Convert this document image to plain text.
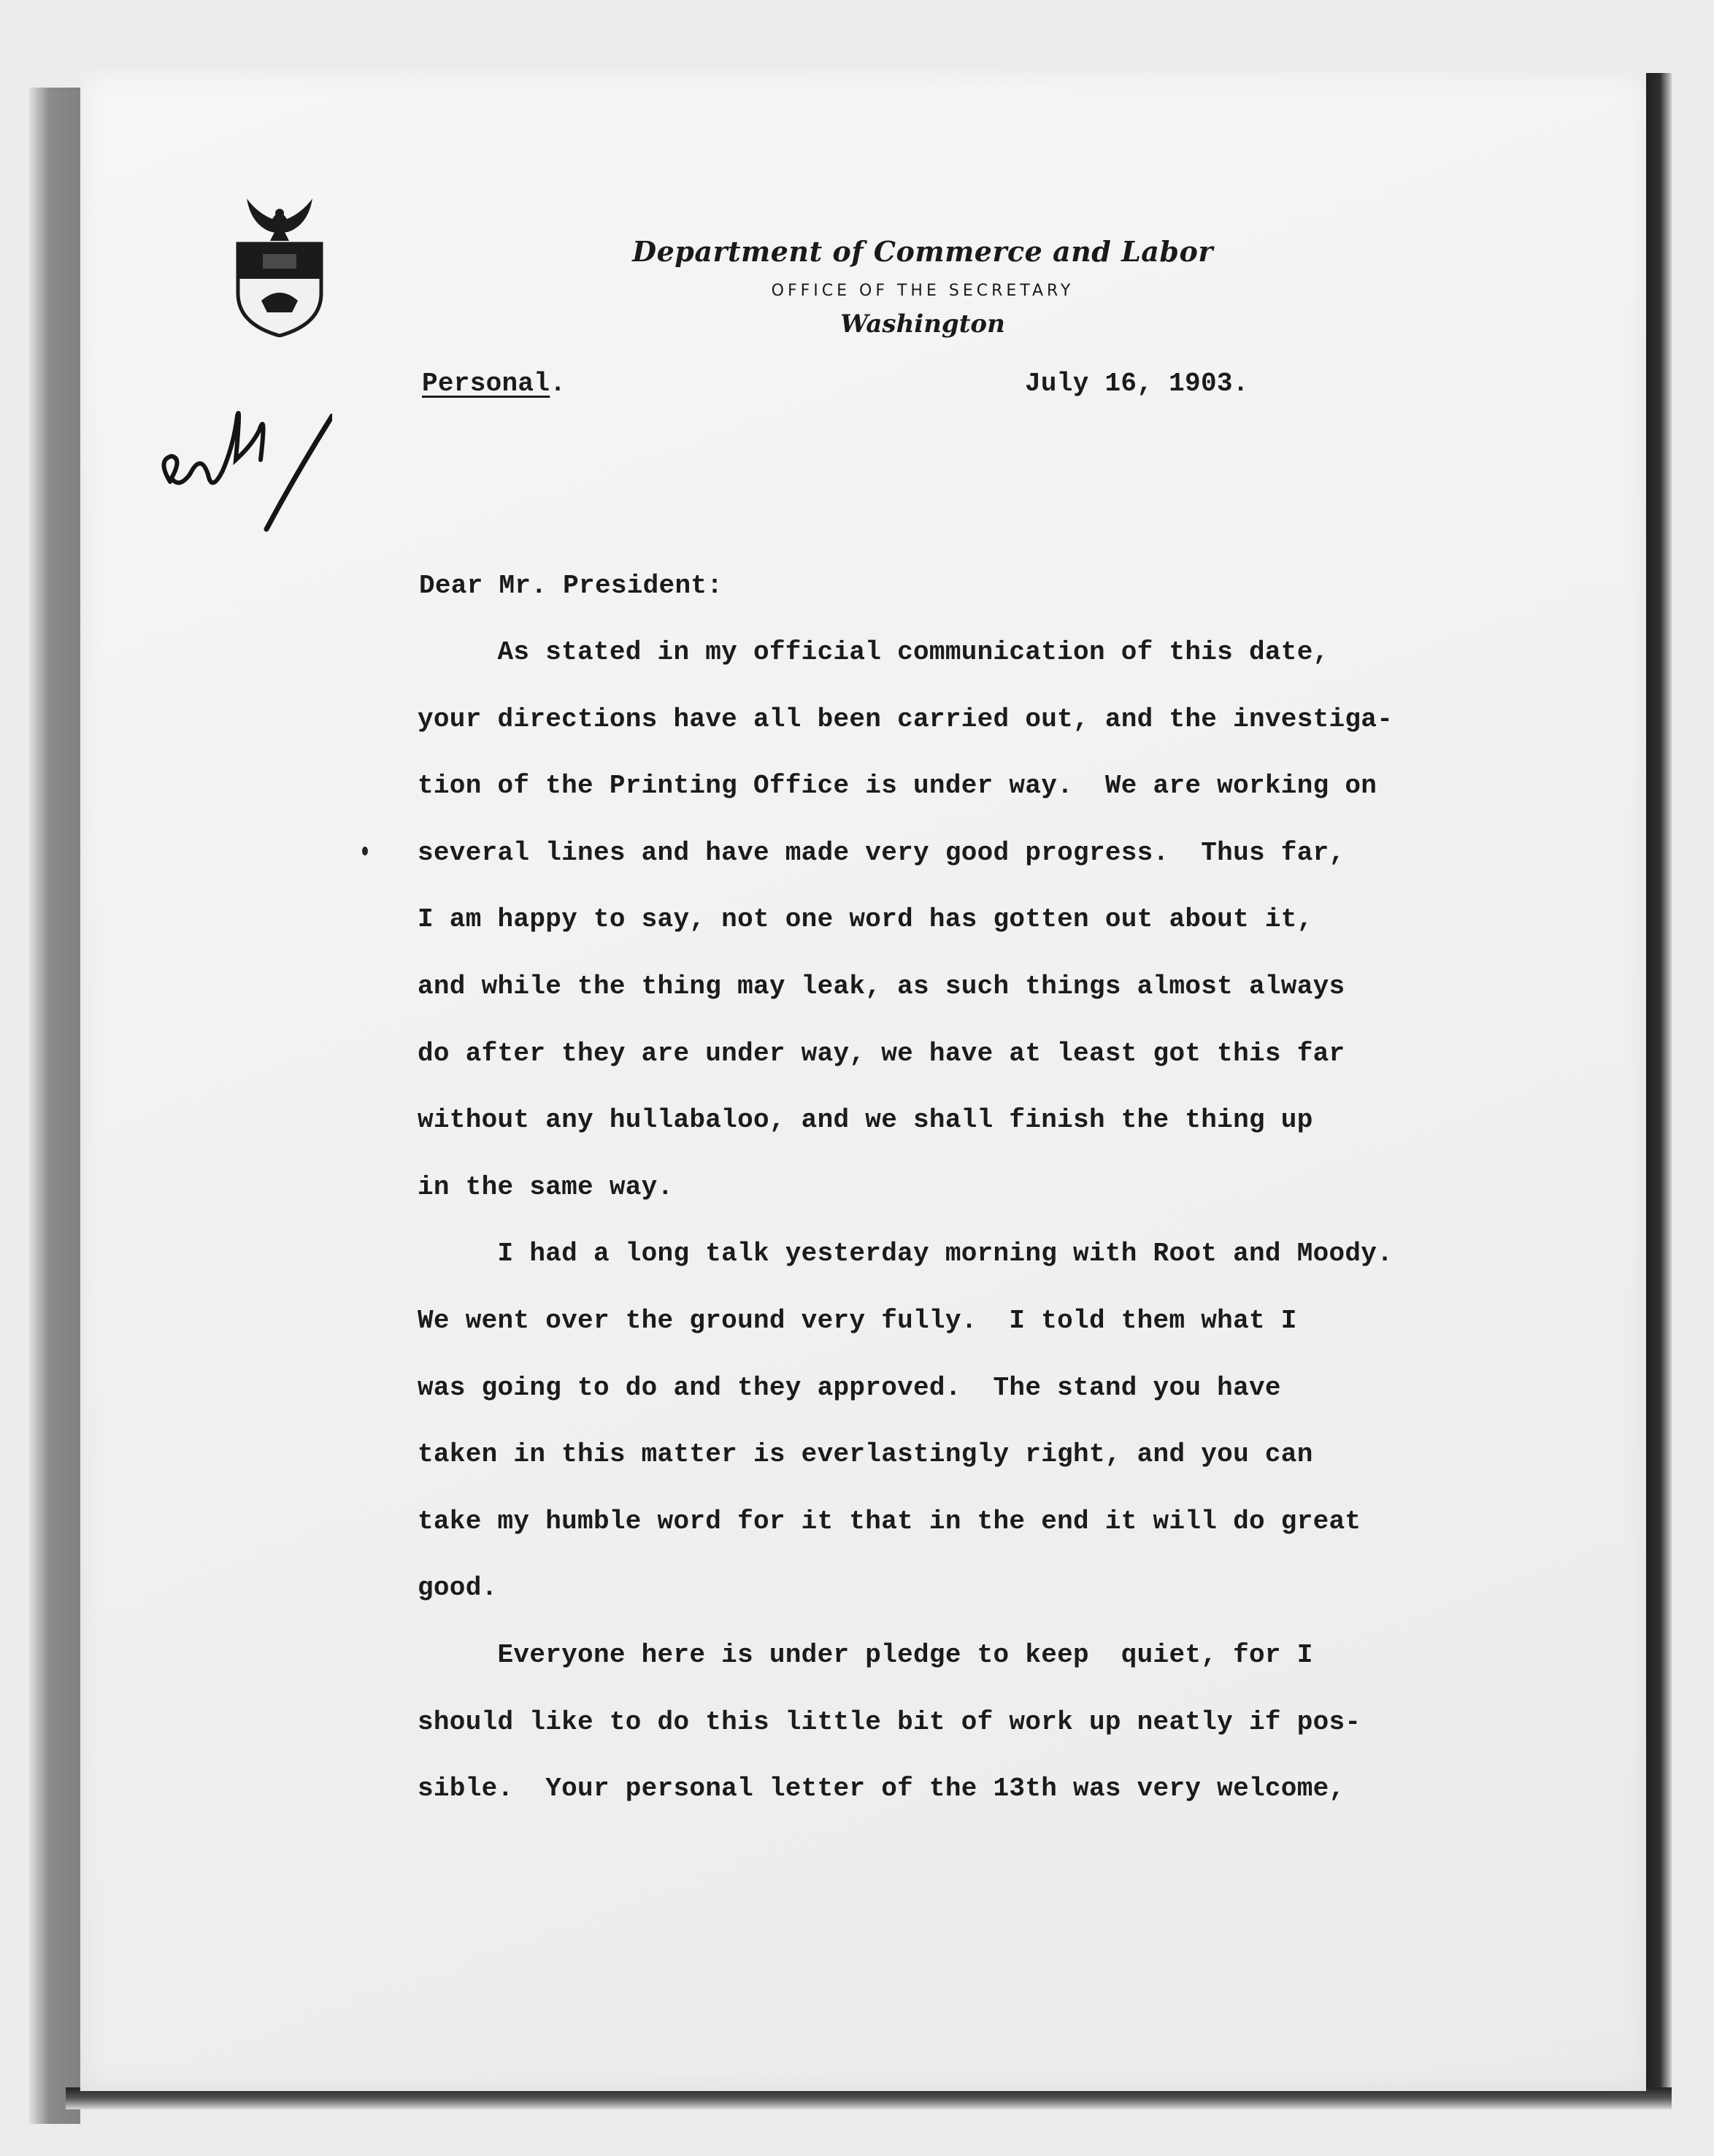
Department of Commerce and Labor

OFFICE OF THE SECRETARY

Washington

Personal.	July 16, 1903.

Dear Mr. President:

As stated in my official communication of this date,
your directions have all been carried out, and the investiga-
tion of the Printing Office is under way.  We are working on
several lines and have made very good progress.  Thus far,
I am happy to say, not one word has gotten out about it,
and while the thing may leak, as such things almost always
do after they are under way, we have at least got this far
without any hullabaloo, and we shall finish the thing up
in the same way.
I had a long talk yesterday morning with Root and Moody.
We went over the ground very fully.  I told them what I
was going to do and they approved.  The stand you have
taken in this matter is everlastingly right, and you can
take my humble word for it that in the end it will do great
good.
Everyone here is under pledge to keep  quiet, for I
should like to do this little bit of work up neatly if pos-
sible.  Your personal letter of the 13th was very welcome,
